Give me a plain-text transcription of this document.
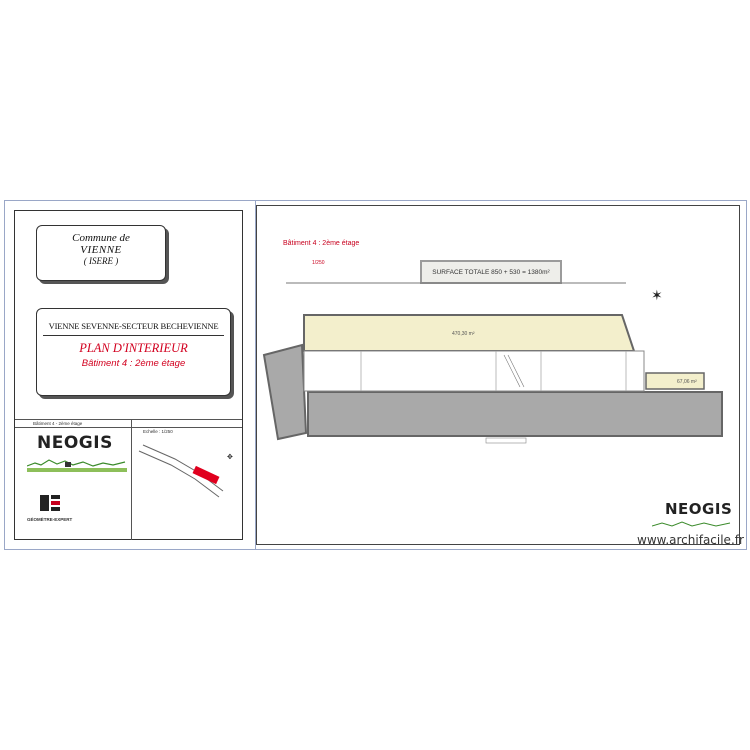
Commune de
VIENNE
( ISERE )
VIENNE SEVENNE-SECTEUR BECHEVIENNE
PLAN D'INTERIEUR
Bâtiment 4 : 2ème étage
Bâtiment 4 - 2ème étage
Echelle : 1/250
NEOGIS
GÉOMÈTRE-EXPERT
✥
Bâtiment 4 : 2ème étage
1/250
SURFACE TOTALE 850 + 530 = 1380m²
✶
470,30 m²
67,06 m²
NEOGIS
www.archifacile.fr
